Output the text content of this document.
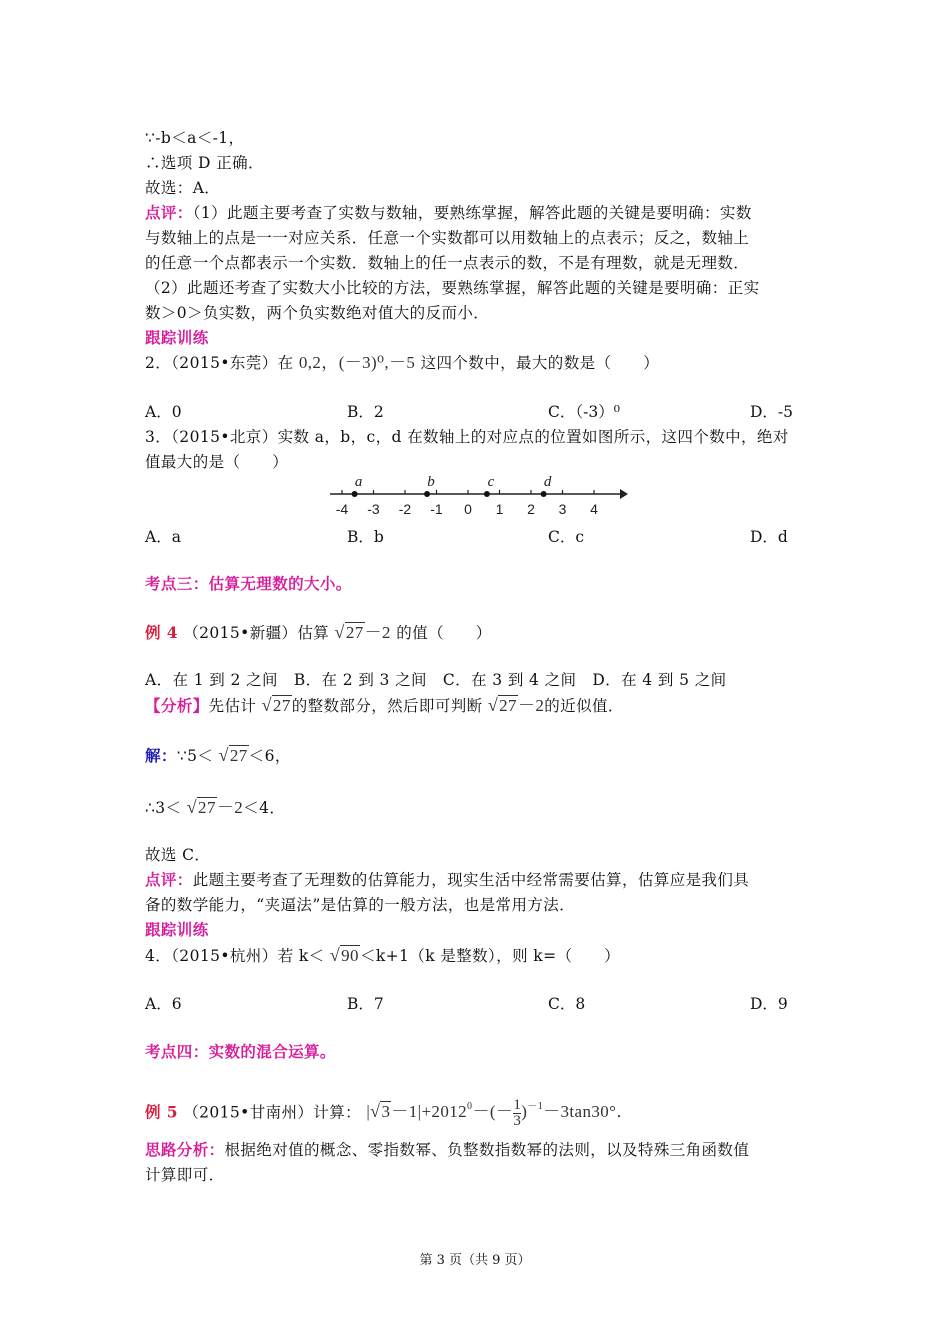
∵-b＜a＜-1，
∴选项 D 正确．
故选：A．
点评：（1）此题主要考查了实数与数轴，要熟练掌握，解答此题的关键是要明确：实数
与数轴上的点是一一对应关系．任意一个实数都可以用数轴上的点表示；反之，数轴上
的任意一个点都表示一个实数．数轴上的任一点表示的数，不是有理数，就是无理数．
（2）此题还考查了实数大小比较的方法，要熟练掌握，解答此题的关键是要明确：正实
数＞0＞负实数，两个负实数绝对值大的反而小．
跟踪训练
2．（2015•东莞）在 0,2，(－3)⁰,－5 这四个数中，最大的数是（　　）
A．0	B．2	C．（-3）⁰	D．-5
3．（2015•北京）实数 a，b，c，d 在数轴上的对应点的位置如图所示，这四个数中，绝对
值最大的是（　　）
-4 -3 -2 -1 0 1 2 3 4
a	b	c	d
A．a	B．b	C．c	D．d
考点三：估算无理数的大小。
例 4 （2015•新疆）估算 √27－2 的值（　　）
A．在 1 到 2 之间　B．在 2 到 3 之间　C．在 3 到 4 之间　D．在 4 到 5 之间
【分析】先估计 √27的整数部分，然后即可判断 √27－2的近似值．
解：∵5＜ √27＜6，
∴3＜ √27－2＜4．
故选 C．
点评：此题主要考查了无理数的估算能力，现实生活中经常需要估算，估算应是我们具
备的数学能力，“夹逼法”是估算的一般方法，也是常用方法．
跟踪训练
4．（2015•杭州）若 k＜ √90＜k+1（k 是整数），则 k=（　　）
A．6	B．7	C．8	D．9
考点四：实数的混合运算。
例 5 （2015•甘南州）计算： $|√3-1|+2012^0-(- \frac{1}{3} )^{-1}-3\tan 30^\circ$．
思路分析：根据绝对值的概念、零指数幂、负整数指数幂的法则，以及特殊三角函数值
计算即可．
第 3 页（共 9 页）
